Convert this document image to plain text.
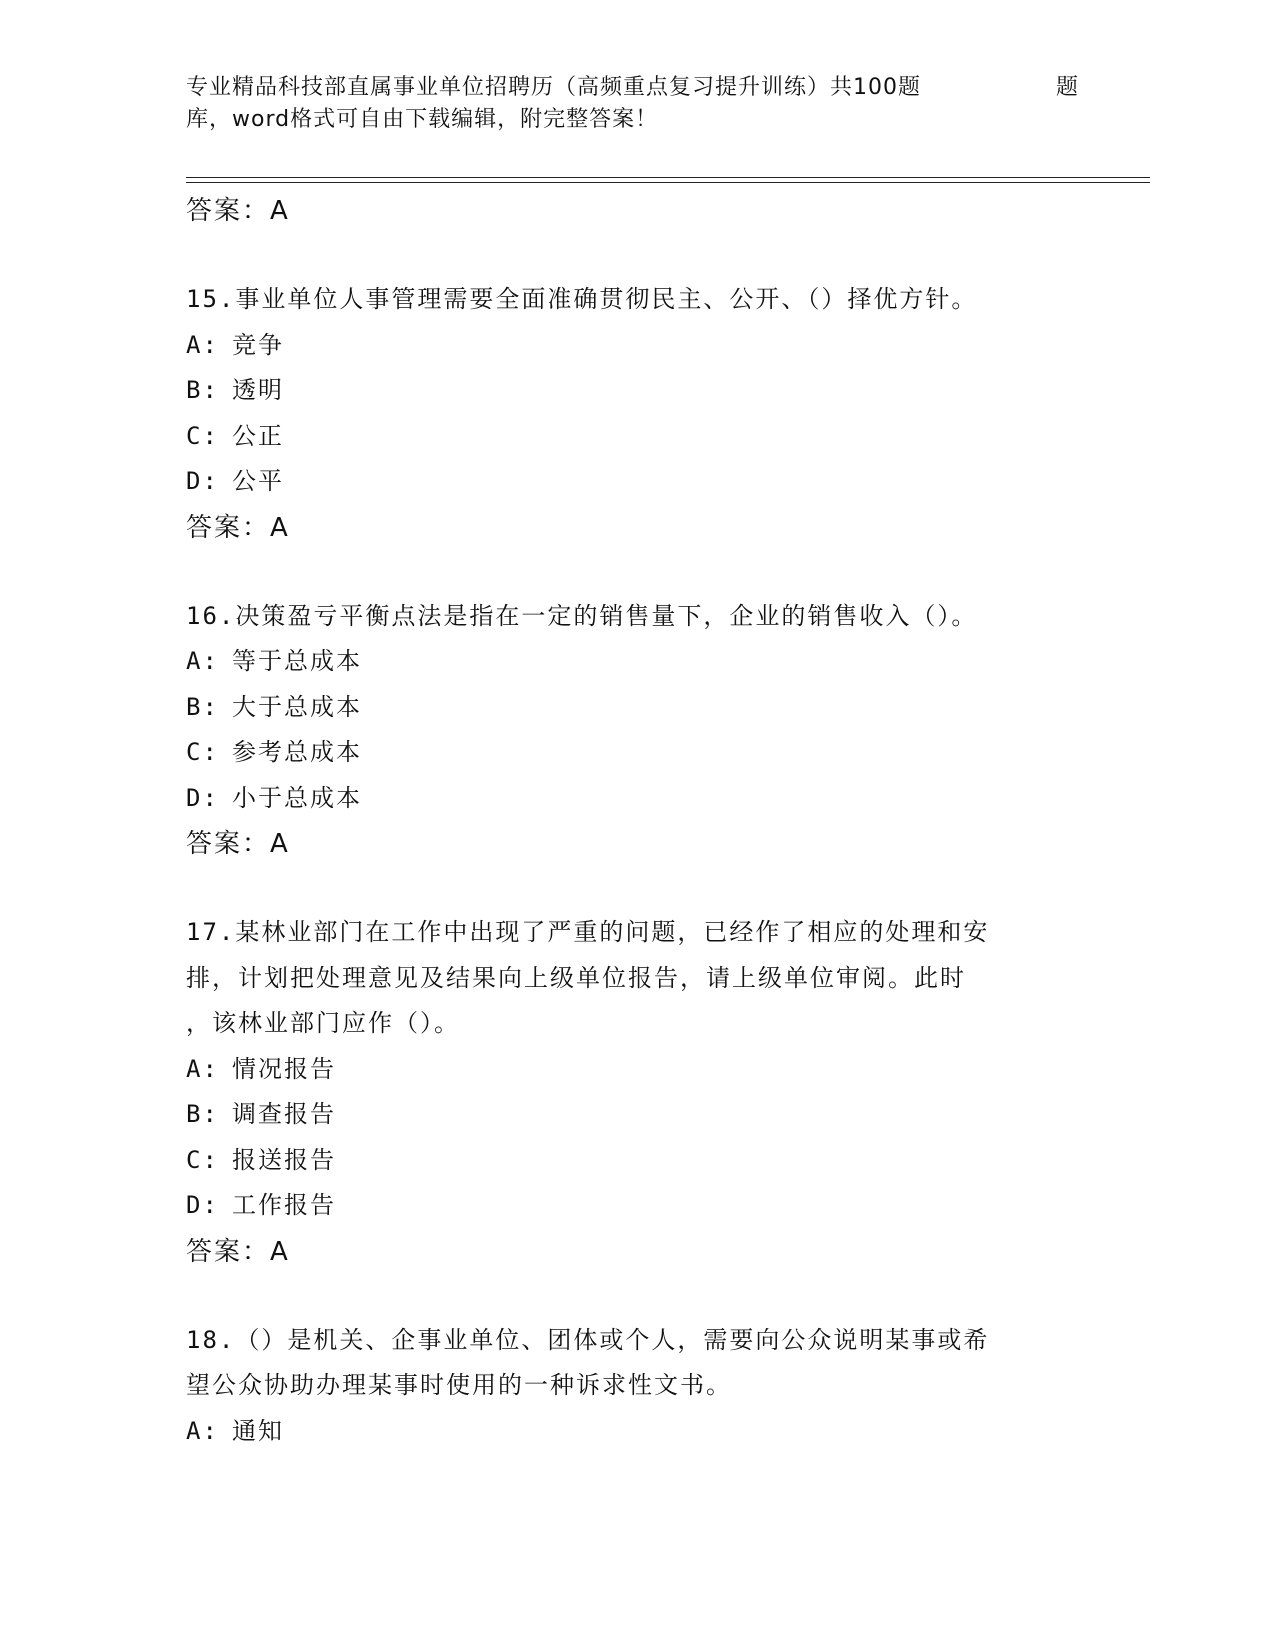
专业精品科技部直属事业单位招聘历（高频重点复习提升训练）共100题	题
库，word格式可自由下载编辑，附完整答案！
答案：A
15.事业单位人事管理需要全面准确贯彻民主、公开、（）择优方针。
A: 竞争
B: 透明
C: 公正
D: 公平
答案：A
16.决策盈亏平衡点法是指在一定的销售量下，企业的销售收入（）。
A: 等于总成本
B: 大于总成本
C: 参考总成本
D: 小于总成本
答案：A
17.某林业部门在工作中出现了严重的问题，已经作了相应的处理和安
排，计划把处理意见及结果向上级单位报告，请上级单位审阅。此时
，该林业部门应作（）。
A: 情况报告
B: 调查报告
C: 报送报告
D: 工作报告
答案：A
18.（）是机关、企事业单位、团体或个人，需要向公众说明某事或希
望公众协助办理某事时使用的一种诉求性文书。
A: 通知
